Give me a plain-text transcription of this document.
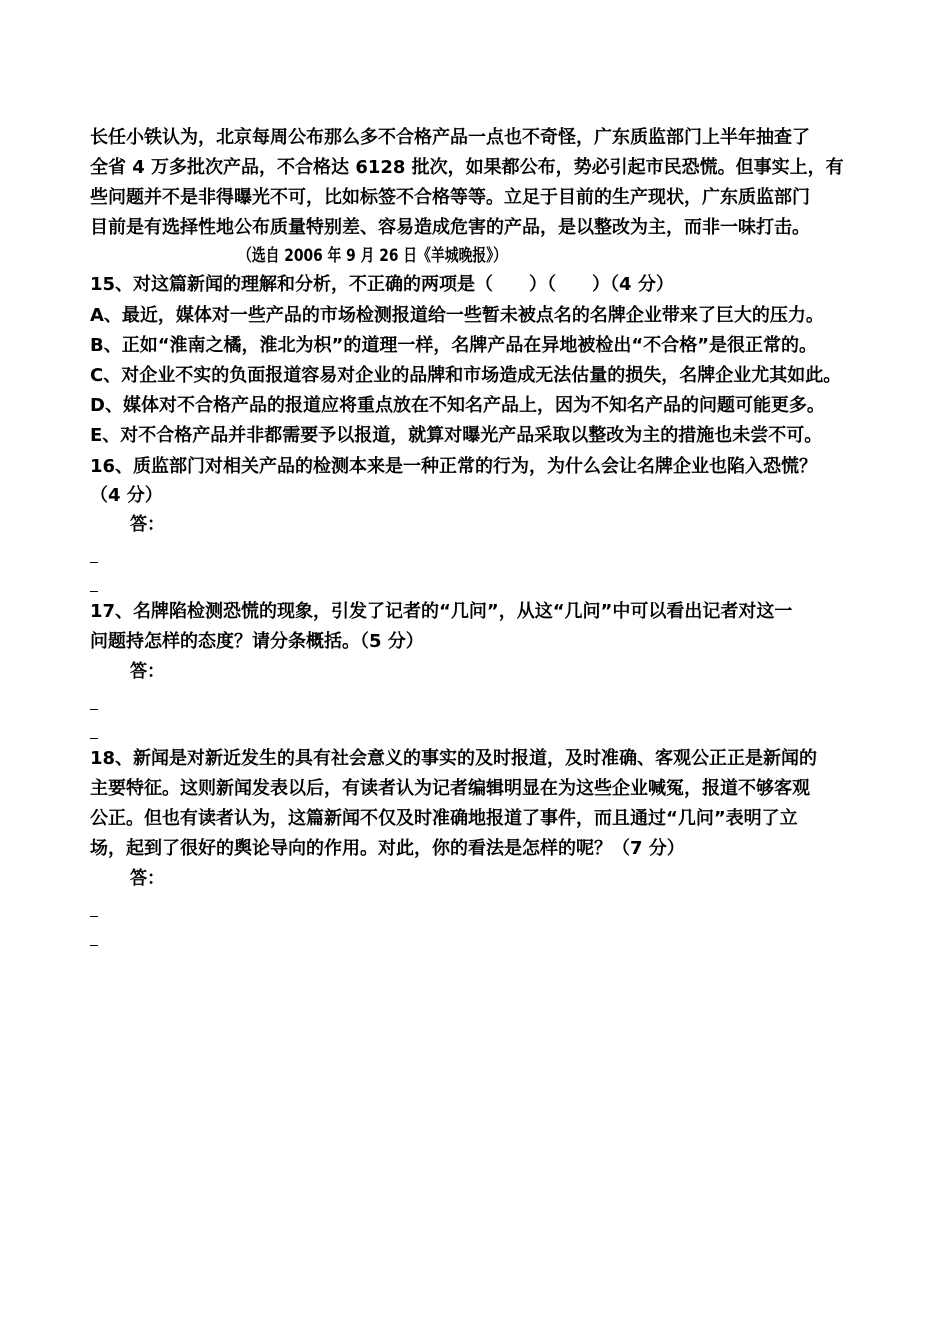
长任小铁认为，北京每周公布那么多不合格产品一点也不奇怪，广东质监部门上半年抽查了
全省 4 万多批次产品，不合格达 6128 批次，如果都公布，势必引起市民恐慌。但事实上，有
些问题并不是非得曝光不可，比如标签不合格等等。立足于目前的生产现状，广东质监部门
目前是有选择性地公布质量特别差、容易造成危害的产品，是以整改为主，而非一味打击。
（选自 2006 年 9 月 26 日《羊城晚报》）
15、对这篇新闻的理解和分析，不正确的两项是（　　）（　　）（4 分）
A、最近，媒体对一些产品的市场检测报道给一些暂未被点名的名牌企业带来了巨大的压力。
B、正如“淮南之橘，淮北为枳”的道理一样，名牌产品在异地被检出“不合格”是很正常的。
C、对企业不实的负面报道容易对企业的品牌和市场造成无法估量的损失，名牌企业尤其如此。
D、媒体对不合格产品的报道应将重点放在不知名产品上，因为不知名产品的问题可能更多。
E、对不合格产品并非都需要予以报道，就算对曝光产品采取以整改为主的措施也未尝不可。
16、质监部门对相关产品的检测本来是一种正常的行为，为什么会让名牌企业也陷入恐慌？
（4 分）
答：
17、名牌陷检测恐慌的现象，引发了记者的“几问”，从这“几问”中可以看出记者对这一
问题持怎样的态度？请分条概括。（5 分）
答：
18、新闻是对新近发生的具有社会意义的事实的及时报道，及时准确、客观公正正是新闻的
主要特征。这则新闻发表以后，有读者认为记者编辑明显在为这些企业喊冤，报道不够客观
公正。但也有读者认为，这篇新闻不仅及时准确地报道了事件，而且通过“几问”表明了立
场，起到了很好的舆论导向的作用。对此，你的看法是怎样的呢？（7 分）
答：
